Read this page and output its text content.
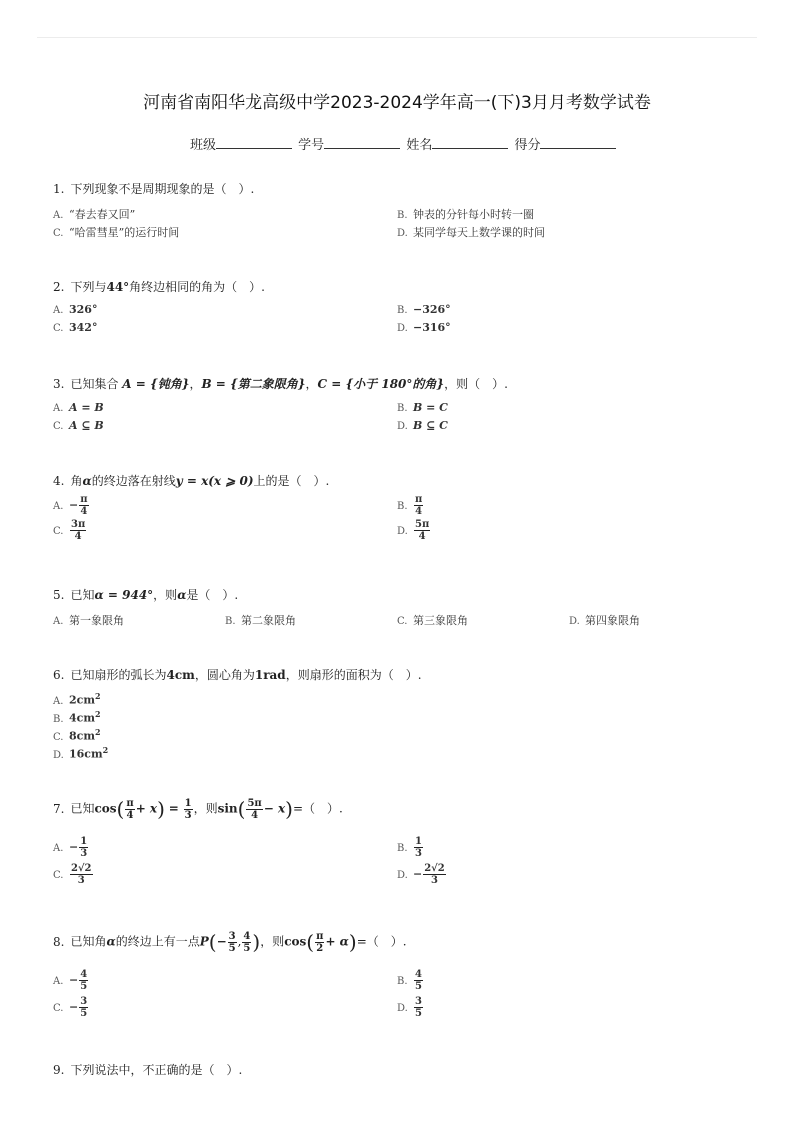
河南省南阳华龙高级中学2023-2024学年高一(下)3月月考数学试卷
班级	学号	姓名	得分
1. 下列现象不是周期现象的是（　）.
A. “春去春又回”	B. 钟表的分针每小时转一圈
C. “哈雷彗星”的运行时间	D. 某同学每天上数学课的时间
2. 下列与44°角终边相同的角为（　）.
A. 326°	B. −326°
C. 342°	D. −316°
3. 已知集合 A = {钝角}，B = {第二象限角}，C = {小于 180°的角}，则（　）.
A. A = B	B. B = C
C. A ⊆ B	D. B ⊆ C
4. 角α的终边落在射线y = x(x ⩾ 0)上的是（　）.
A. − $\frac{\pi}{4}$	B. $\frac{\pi}{4}$
C. $\frac{3\pi}{4}$	D. $\frac{5\pi}{4}$
5. 已知α = 944°，则α是（　）.
A. 第一象限角	B. 第二象限角	C. 第三象限角	D. 第四象限角
6. 已知扇形的弧长为4cm，圆心角为1rad，则扇形的面积为（　）.
A. $2cm^2$
B. $4cm^2$
C. $8cm^2$
D. $16cm^2$
7. 已知$\cos( \frac{\pi}{4} + x) = \frac{1}{3}$ ，则$\sin( \frac{5\pi}{4} - x)=$（　）.
A. − $\frac{1}{3}$	B. $\frac{1}{3}$
C. $\frac{2√2}{3}$	D. − $\frac{2√2}{3}$
8. 已知角α的终边上有一点$P(- \frac{3}{5}$ , $\frac{4}{5}$ )，则$\cos( \frac{\pi}{2} + \alpha)=$（　）.
A. − $\frac{4}{5}$	B. $\frac{4}{5}$
C. − $\frac{3}{5}$	D. $\frac{3}{5}$
9. 下列说法中，不正确的是（　）.
